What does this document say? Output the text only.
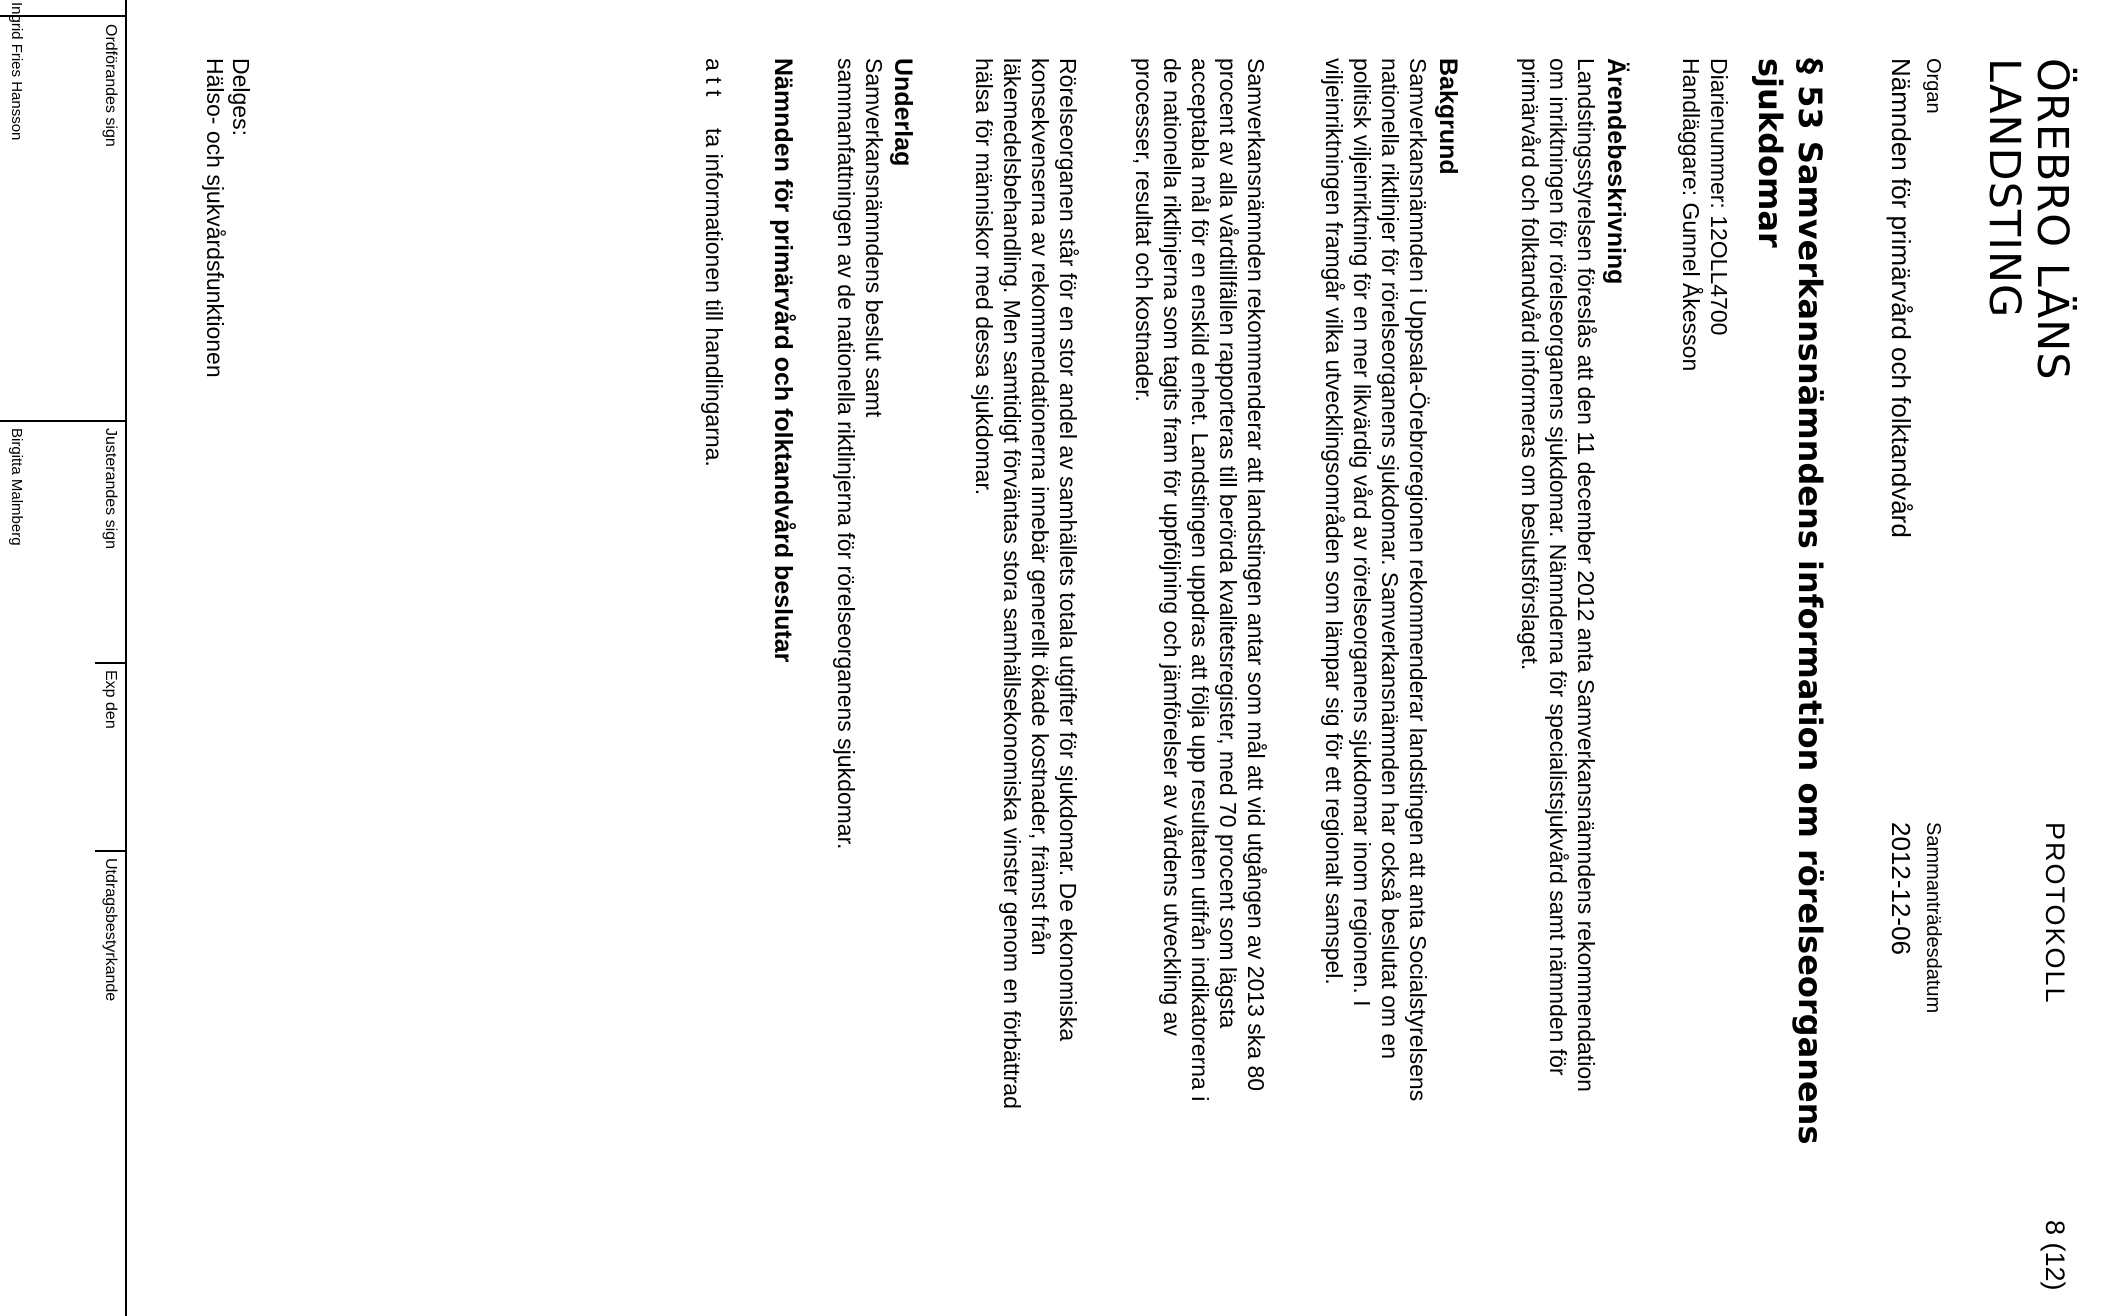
ÖREBRO LÄNS
LANDSTING
PROTOKOLL
8 (12)
Organ
Nämnden för primärvård och folktandvård
Sammanträdesdatum
2012-12-06
§ 53 Samverkansnämndens information om rörelseorganens sjukdomar
Diarienummer: 12OLL4700
Handläggare: Gunnel Åkesson
Ärendebeskrivning
Landstingsstyrelsen föreslås att den 11 december 2012 anta Samverkansnämndens rekommendation om inriktningen för rörelseorganens sjukdomar. Nämnderna för specialistsjukvård samt nämnden för primärvård och folktandvård informeras om beslutsförslaget.
Bakgrund
Samverkansnämnden i Uppsala-Örebroregionen rekommenderar landstingen att anta Socialstyrelsens nationella riktlinjer för rörelseorganens sjukdomar. Samverkansnämnden har också beslutat om en politisk viljeinriktning för en mer likvärdig vård av rörelseorganens sjukdomar inom regionen. I viljeinriktningen framgår vilka utvecklingsområden som lämpar sig för ett regionalt samspel.
Samverkansnämnden rekommenderar att landstingen antar som mål att vid utgången av 2013 ska 80 procent av alla vårdtillfällen rapporteras till berörda kvalitetsregister, med 70 procent som lägsta acceptabla mål för en enskild enhet. Landstingen uppdras att följa upp resultaten utifrån indikatorerna i de nationella riktlinjerna som tagits fram för uppföljning och jämförelser av vårdens utveckling av processer, resultat och kostnader.
Rörelseorganen står för en stor andel av samhällets totala utgifter för sjukdomar. De ekonomiska konsekvenserna av rekommendationerna innebär generellt ökade kostnader, främst från läkemedelsbehandling. Men samtidigt förväntas stora samhällsekonomiska vinster genom en förbättrad hälsa för människor med dessa sjukdomar.
Underlag
Samverkansnämndens beslut samt
sammanfattningen av de nationella riktlinjerna för rörelseorganens sjukdomar.
Nämnden för primärvård och folktandvård beslutar
a t t
ta informationen till handlingarna.
Delges:
Hälso- och sjukvårdsfunktionen
Ordförandes sign
Justerandes sign
Exp den
Utdragsbestyrkande
Ingrid Fries Hansson
Birgitta Malmberg
